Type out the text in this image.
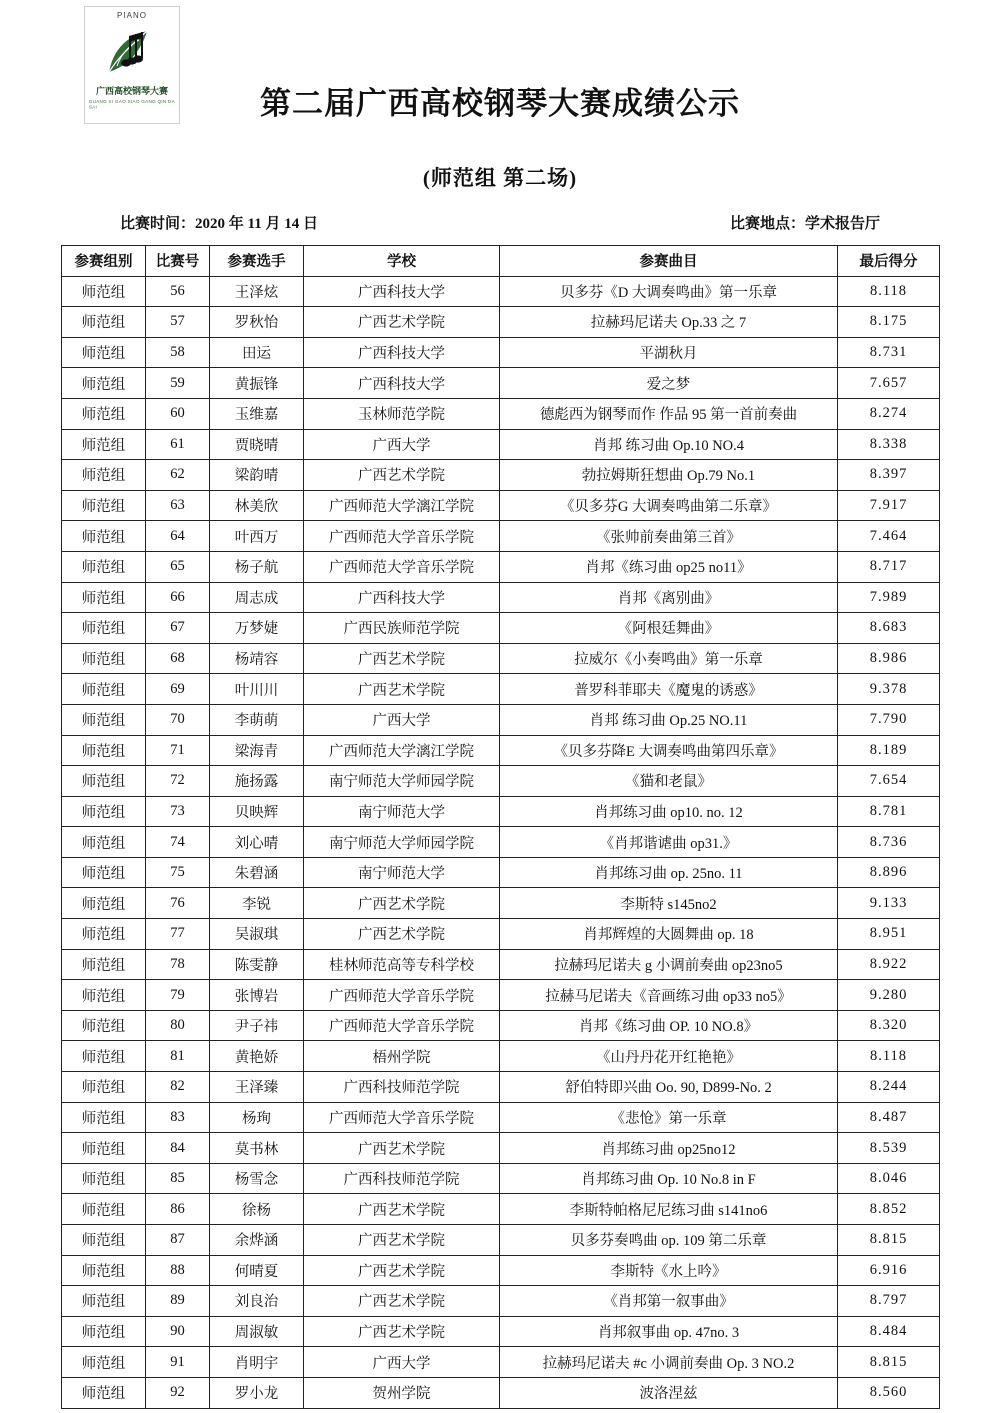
PIANO
广西高校钢琴大赛
GUANG XI GAO XIAO GANG QIN DA SAI	第二届广西高校钢琴大赛成绩公示
(师范组 第二场)
比赛时间：2020 年 11 月 14 日	比赛地点：学术报告厅
参赛组别	比赛号	参赛选手	学校	参赛曲目	最后得分
师范组	56	王泽炫	广西科技大学	贝多芬《D 大调奏鸣曲》第一乐章	8.118
师范组	57	罗秋怡	广西艺术学院	拉赫玛尼诺夫 Op.33 之 7	8.175
师范组	58	田运	广西科技大学	平湖秋月	8.731
师范组	59	黄振锋	广西科技大学	爱之梦	7.657
师范组	60	玉维嘉	玉林师范学院	德彪西为钢琴而作 作品 95 第一首前奏曲	8.274
师范组	61	贾晓晴	广西大学	肖邦 练习曲 Op.10 NO.4	8.338
师范组	62	梁韵晴	广西艺术学院	勃拉姆斯狂想曲 Op.79 No.1	8.397
师范组	63	林美欣	广西师范大学漓江学院	《贝多芬G 大调奏鸣曲第二乐章》	7.917
师范组	64	叶西万	广西师范大学音乐学院	《张帅前奏曲第三首》	7.464
师范组	65	杨子航	广西师范大学音乐学院	肖邦《练习曲 op25 no11》	8.717
师范组	66	周志成	广西科技大学	肖邦《离别曲》	7.989
师范组	67	万梦婕	广西民族师范学院	《阿根廷舞曲》	8.683
师范组	68	杨靖容	广西艺术学院	拉威尔《小奏鸣曲》第一乐章	8.986
师范组	69	叶川川	广西艺术学院	普罗科菲耶夫《魔鬼的诱惑》	9.378
师范组	70	李萌萌	广西大学	肖邦 练习曲 Op.25 NO.11	7.790
师范组	71	梁海青	广西师范大学漓江学院	《贝多芬降E 大调奏鸣曲第四乐章》	8.189
师范组	72	施扬露	南宁师范大学师园学院	《猫和老鼠》	7.654
师范组	73	贝映辉	南宁师范大学	肖邦练习曲 op10. no. 12	8.781
师范组	74	刘心晴	南宁师范大学师园学院	《肖邦谐谑曲 op31.》	8.736
师范组	75	朱碧涵	南宁师范大学	肖邦练习曲 op. 25no. 11	8.896
师范组	76	李锐	广西艺术学院	李斯特 s145no2	9.133
师范组	77	吴淑琪	广西艺术学院	肖邦辉煌的大圆舞曲 op. 18	8.951
师范组	78	陈雯静	桂林师范高等专科学校	拉赫玛尼诺夫 g 小调前奏曲 op23no5	8.922
师范组	79	张博岩	广西师范大学音乐学院	拉赫马尼诺夫《音画练习曲 op33 no5》	9.280
师范组	80	尹子祎	广西师范大学音乐学院	肖邦《练习曲 OP. 10 NO.8》	8.320
师范组	81	黄艳娇	梧州学院	《山丹丹花开红艳艳》	8.118
师范组	82	王泽臻	广西科技师范学院	舒伯特即兴曲 Oo. 90, D899-No. 2	8.244
师范组	83	杨珣	广西师范大学音乐学院	《悲怆》第一乐章	8.487
师范组	84	莫书林	广西艺术学院	肖邦练习曲 op25no12	8.539
师范组	85	杨雪念	广西科技师范学院	肖邦练习曲 Op. 10 No.8 in F	8.046
师范组	86	徐杨	广西艺术学院	李斯特帕格尼尼练习曲 s141no6	8.852
师范组	87	余烨涵	广西艺术学院	贝多芬奏鸣曲 op. 109 第二乐章	8.815
师范组	88	何晴夏	广西艺术学院	李斯特《水上吟》	6.916
师范组	89	刘良治	广西艺术学院	《肖邦第一叙事曲》	8.797
师范组	90	周淑敏	广西艺术学院	肖邦叙事曲 op. 47no. 3	8.484
师范组	91	肖明宇	广西大学	拉赫玛尼诺夫 #c 小调前奏曲 Op. 3 NO.2	8.815
师范组	92	罗小龙	贺州学院	波洛涅兹	8.560
